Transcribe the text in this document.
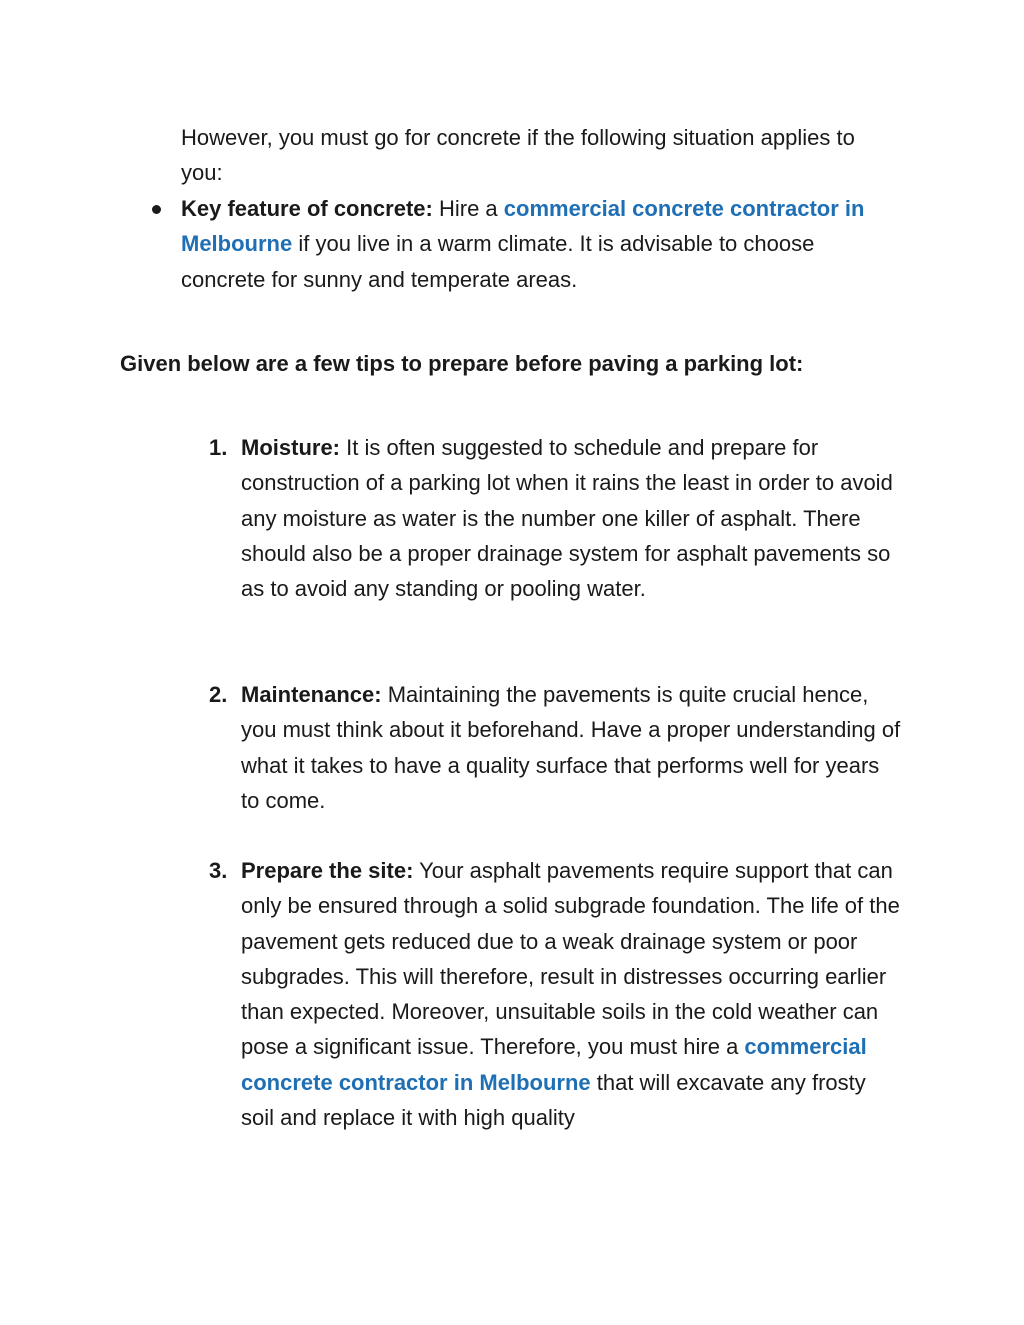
However, you must go for concrete if the following situation applies to you:

Key feature of concrete: Hire a commercial concrete contractor in Melbourne if you live in a warm climate. It is advisable to choose concrete for sunny and temperate areas.

Given below are a few tips to prepare before paving a parking lot:

1. Moisture: It is often suggested to schedule and prepare for construction of a parking lot when it rains the least in order to avoid any moisture as water is the number one killer of asphalt. There should also be a proper drainage system for asphalt pavements so as to avoid any standing or pooling water.

2. Maintenance: Maintaining the pavements is quite crucial hence, you must think about it beforehand. Have a proper understanding of what it takes to have a quality surface that performs well for years to come.

3. Prepare the site: Your asphalt pavements require support that can only be ensured through a solid subgrade foundation. The life of the pavement gets reduced due to a weak drainage system or poor subgrades. This will therefore, result in distresses occurring earlier than expected. Moreover, unsuitable soils in the cold weather can pose a significant issue. Therefore, you must hire a commercial concrete contractor in Melbourne that will excavate any frosty soil and replace it with high quality
